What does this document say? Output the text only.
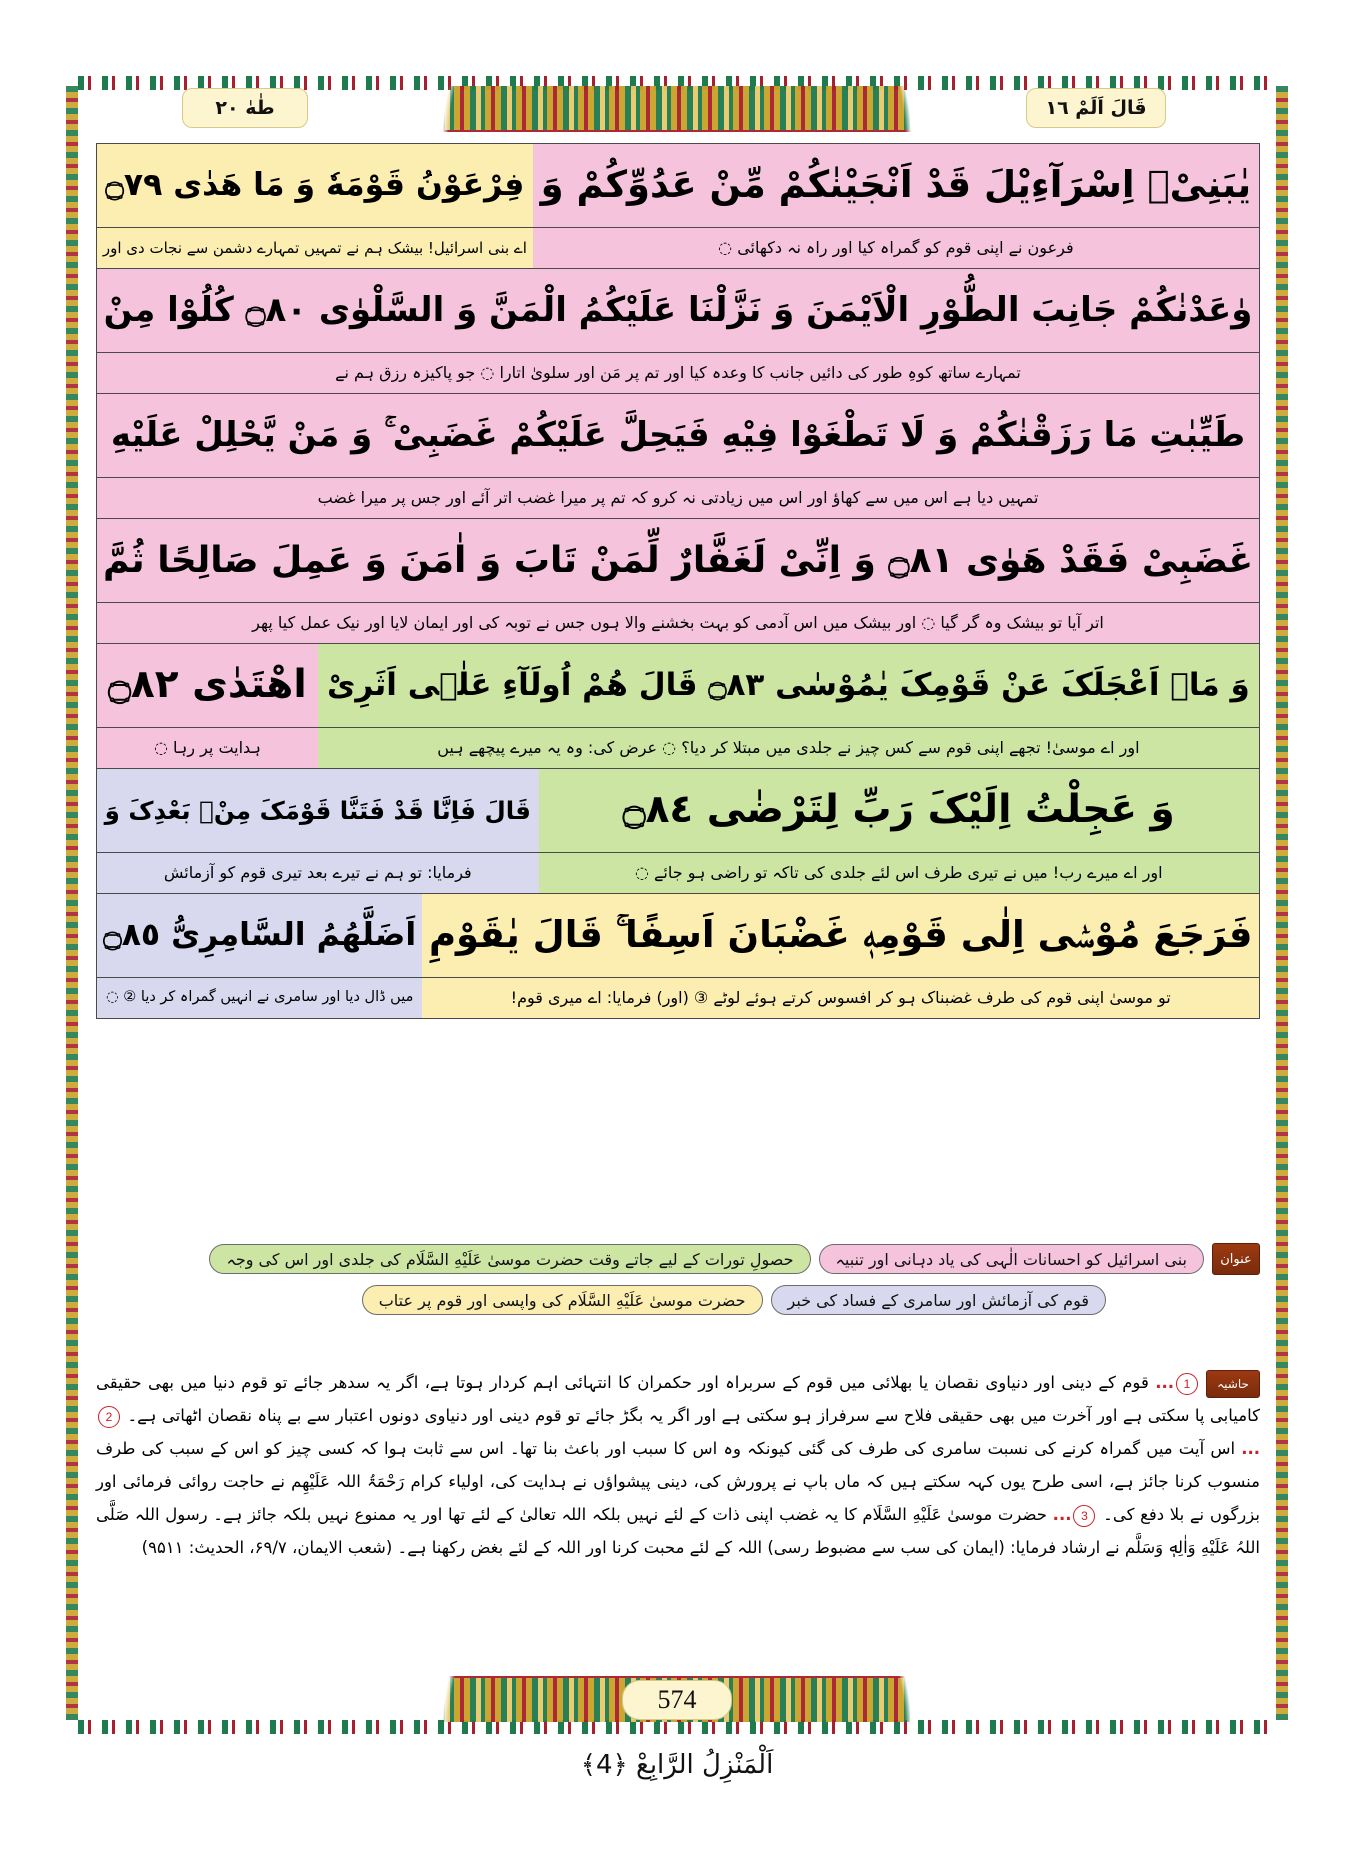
طٰهٰ ٢٠	قَالَ اَلَمْ ١٦
یٰبَنِیْۤ اِسْرَآءِیْلَ قَدْ اَنْجَیْنٰکُمْ مِّنْ عَدُوِّکُمْ وَ
فِرْعَوْنُ قَوْمَهٗ وَ مَا هَدٰی ۝٧٩
فرعون نے اپنی قوم کو گمراہ کیا اور راہ نہ دکھائی ◌
اے بنی اسرائیل! بیشک ہم نے تمہیں تمہارے دشمن سے نجات دی اور
وٰعَدْنٰکُمْ جَانِبَ الطُّوْرِ الْاَیْمَنَ وَ نَزَّلْنَا عَلَیْکُمُ الْمَنَّ وَ السَّلْوٰی ۝٨٠ کُلُوْا مِنْ
تمہارے ساتھ کوہِ طور کی دائیں جانب کا وعدہ کیا اور تم پر مَن اور سلویٰ اتارا ◌ جو پاکیزہ رزق ہم نے
طَیِّبٰتِ مَا رَزَقْنٰکُمْ وَ لَا تَطْغَوْا فِیْهِ فَیَحِلَّ عَلَیْکُمْ غَضَبِیْ ۚ وَ مَنْ یَّحْلِلْ عَلَیْهِ
تمہیں دیا ہے اس میں سے کھاؤ اور اس میں زیادتی نہ کرو کہ تم پر میرا غضب اتر آئے اور جس پر میرا غضب
غَضَبِیْ فَقَدْ هَوٰی ۝٨١ وَ اِنِّیْ لَغَفَّارٌ لِّمَنْ تَابَ وَ اٰمَنَ وَ عَمِلَ صَالِحًا ثُمَّ
اتر آیا تو بیشک وہ گر گیا ◌ اور بیشک میں اس آدمی کو بہت بخشنے والا ہوں جس نے توبہ کی اور ایمان لایا اور نیک عمل کیا پھر
وَ مَاۤ اَعْجَلَکَ عَنْ قَوْمِکَ یٰمُوْسٰی ۝٨٣ قَالَ هُمْ اُولَآءِ عَلٰۤی اَثَرِیْ
اهْتَدٰی ۝٨٢
اور اے موسیٰ! تجھے اپنی قوم سے کس چیز نے جلدی میں مبتلا کر دیا؟ ◌ عرض کی: وہ یہ میرے پیچھے ہیں
ہدایت پر رہا ◌
وَ عَجِلْتُ اِلَیْکَ رَبِّ لِتَرْضٰی ۝٨٤
قَالَ فَاِنَّا قَدْ فَتَنَّا قَوْمَکَ مِنْۢ بَعْدِکَ وَ
اور اے میرے رب! میں نے تیری طرف اس لئے جلدی کی تاکہ تو راضی ہو جائے ◌
فرمایا: تو ہم نے تیرے بعد تیری قوم کو آزمائش
فَرَجَعَ مُوْسٰۤی اِلٰی قَوْمِهٖ غَضْبَانَ اَسِفًا ۚ قَالَ یٰقَوْمِ
اَضَلَّهُمُ السَّامِرِیُّ ۝٨٥
تو موسیٰ اپنی قوم کی طرف غضبناک ہو کر افسوس کرتے ہوئے لوٹے ③ (اور) فرمایا: اے میری قوم!
میں ڈال دیا اور سامری نے انہیں گمراہ کر دیا ② ◌
عنوان
بنی اسرائیل کو احسانات الٰہی کی یاد دہانی اور تنبیہ
حصولِ تورات کے لیے جاتے وقت حضرت موسیٰ عَلَیْهِ السَّلَام کی جلدی اور اس کی وجہ
قوم کی آزمائش اور سامری کے فساد کی خبر
حضرت موسیٰ عَلَیْهِ السَّلَام کی واپسی اور قوم پر عتاب

حاشیہ1... قوم کے دینی اور دنیاوی نقصان یا بھلائی میں قوم کے سربراہ اور حکمران کا انتہائی اہم کردار ہوتا ہے، اگر یہ سدھر جائے تو قوم دنیا میں بھی حقیقی کامیابی پا سکتی ہے اور آخرت میں بھی حقیقی فلاح سے سرفراز ہو سکتی ہے اور اگر یہ بگڑ جائے تو قوم دینی اور دنیاوی دونوں اعتبار سے بے پناہ نقصان اٹھاتی ہے۔ 2... اس آیت میں گمراہ کرنے کی نسبت سامری کی طرف کی گئی کیونکہ وہ اس کا سبب اور باعث بنا تھا۔ اس سے ثابت ہوا کہ کسی چیز کو اس کے سبب کی طرف منسوب کرنا جائز ہے، اسی طرح یوں کہہ سکتے ہیں کہ ماں باپ نے پرورش کی، دینی پیشواؤں نے ہدایت کی، اولیاء کرام رَحْمَۃُ اللہ عَلَیْهِم نے حاجت روائی فرمائی اور بزرگوں نے بلا دفع کی۔ 3... حضرت موسیٰ عَلَیْهِ السَّلَام کا یہ غضب اپنی ذات کے لئے نہیں بلکہ اللہ تعالیٰ کے لئے تھا اور یہ ممنوع نہیں بلکہ جائز ہے۔ رسول اللہ صَلَّی اللہُ عَلَیْهِ وَاٰلِهٖ وَسَلَّم نے ارشاد فرمایا: (ایمان کی سب سے مضبوط رسی) اللہ کے لئے محبت کرنا اور اللہ کے لئے بغض رکھنا ہے۔ (شعب الایمان، ۶۹/۷، الحدیث: ۹۵۱۱)

574
اَلْمَنْزِلُ الرَّابِعْ ﴿4﴾
